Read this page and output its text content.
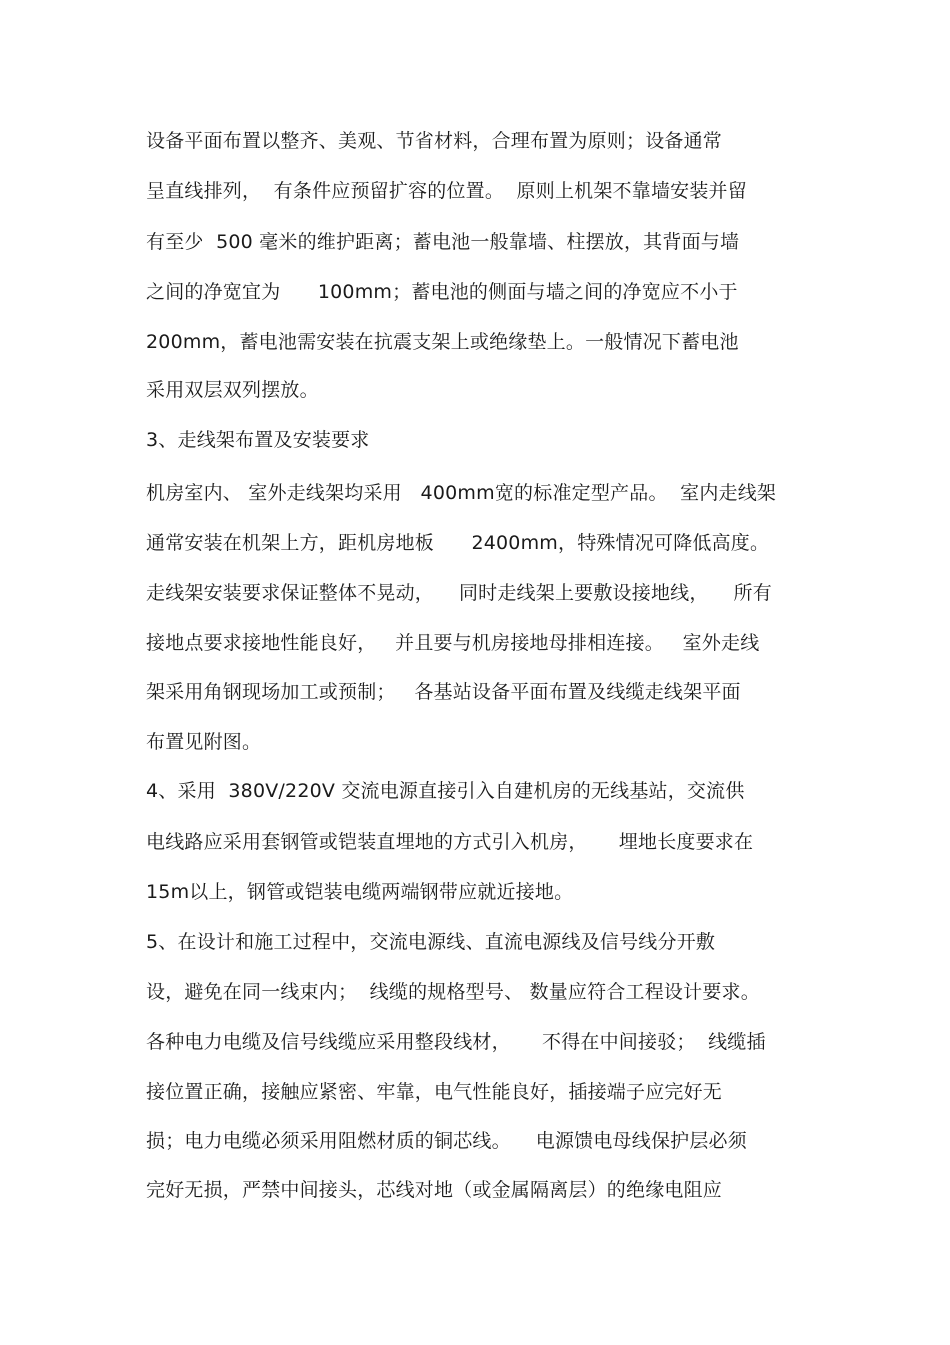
设备平面布置以整齐、美观、节省材料，合理布置为原则；设备通常
呈直线排列，  有条件应预留扩容的位置。  原则上机架不靠墙安装并留
有至少  500 毫米的维护距离；蓄电池一般靠墙、柱摆放，其背面与墙
之间的净宽宜为      100mm；蓄电池的侧面与墙之间的净宽应不小于
200mm，蓄电池需安装在抗震支架上或绝缘垫上。一般情况下蓄电池
采用双层双列摆放。
3、走线架布置及安装要求
机房室内、 室外走线架均采用   400mm宽的标准定型产品。  室内走线架
通常安装在机架上方，距机房地板      2400mm，特殊情况可降低高度。
走线架安装要求保证整体不晃动，    同时走线架上要敷设接地线，    所有
接地点要求接地性能良好，   并且要与机房接地母排相连接。   室外走线
架采用角钢现场加工或预制；   各基站设备平面布置及线缆走线架平面
布置见附图。
4、采用  380V/220V 交流电源直接引入自建机房的无线基站，交流供
电线路应采用套钢管或铠装直埋地的方式引入机房，     埋地长度要求在
15m以上，钢管或铠装电缆两端钢带应就近接地。
5、在设计和施工过程中，交流电源线、直流电源线及信号线分开敷
设，避免在同一线束内；  线缆的规格型号、 数量应符合工程设计要求。
各种电力电缆及信号线缆应采用整段线材，     不得在中间接驳；  线缆插
接位置正确，接触应紧密、牢靠，电气性能良好，插接端子应完好无
损；电力电缆必须采用阻燃材质的铜芯线。    电源馈电母线保护层必须
完好无损，严禁中间接头，芯线对地（或金属隔离层）的绝缘电阻应
